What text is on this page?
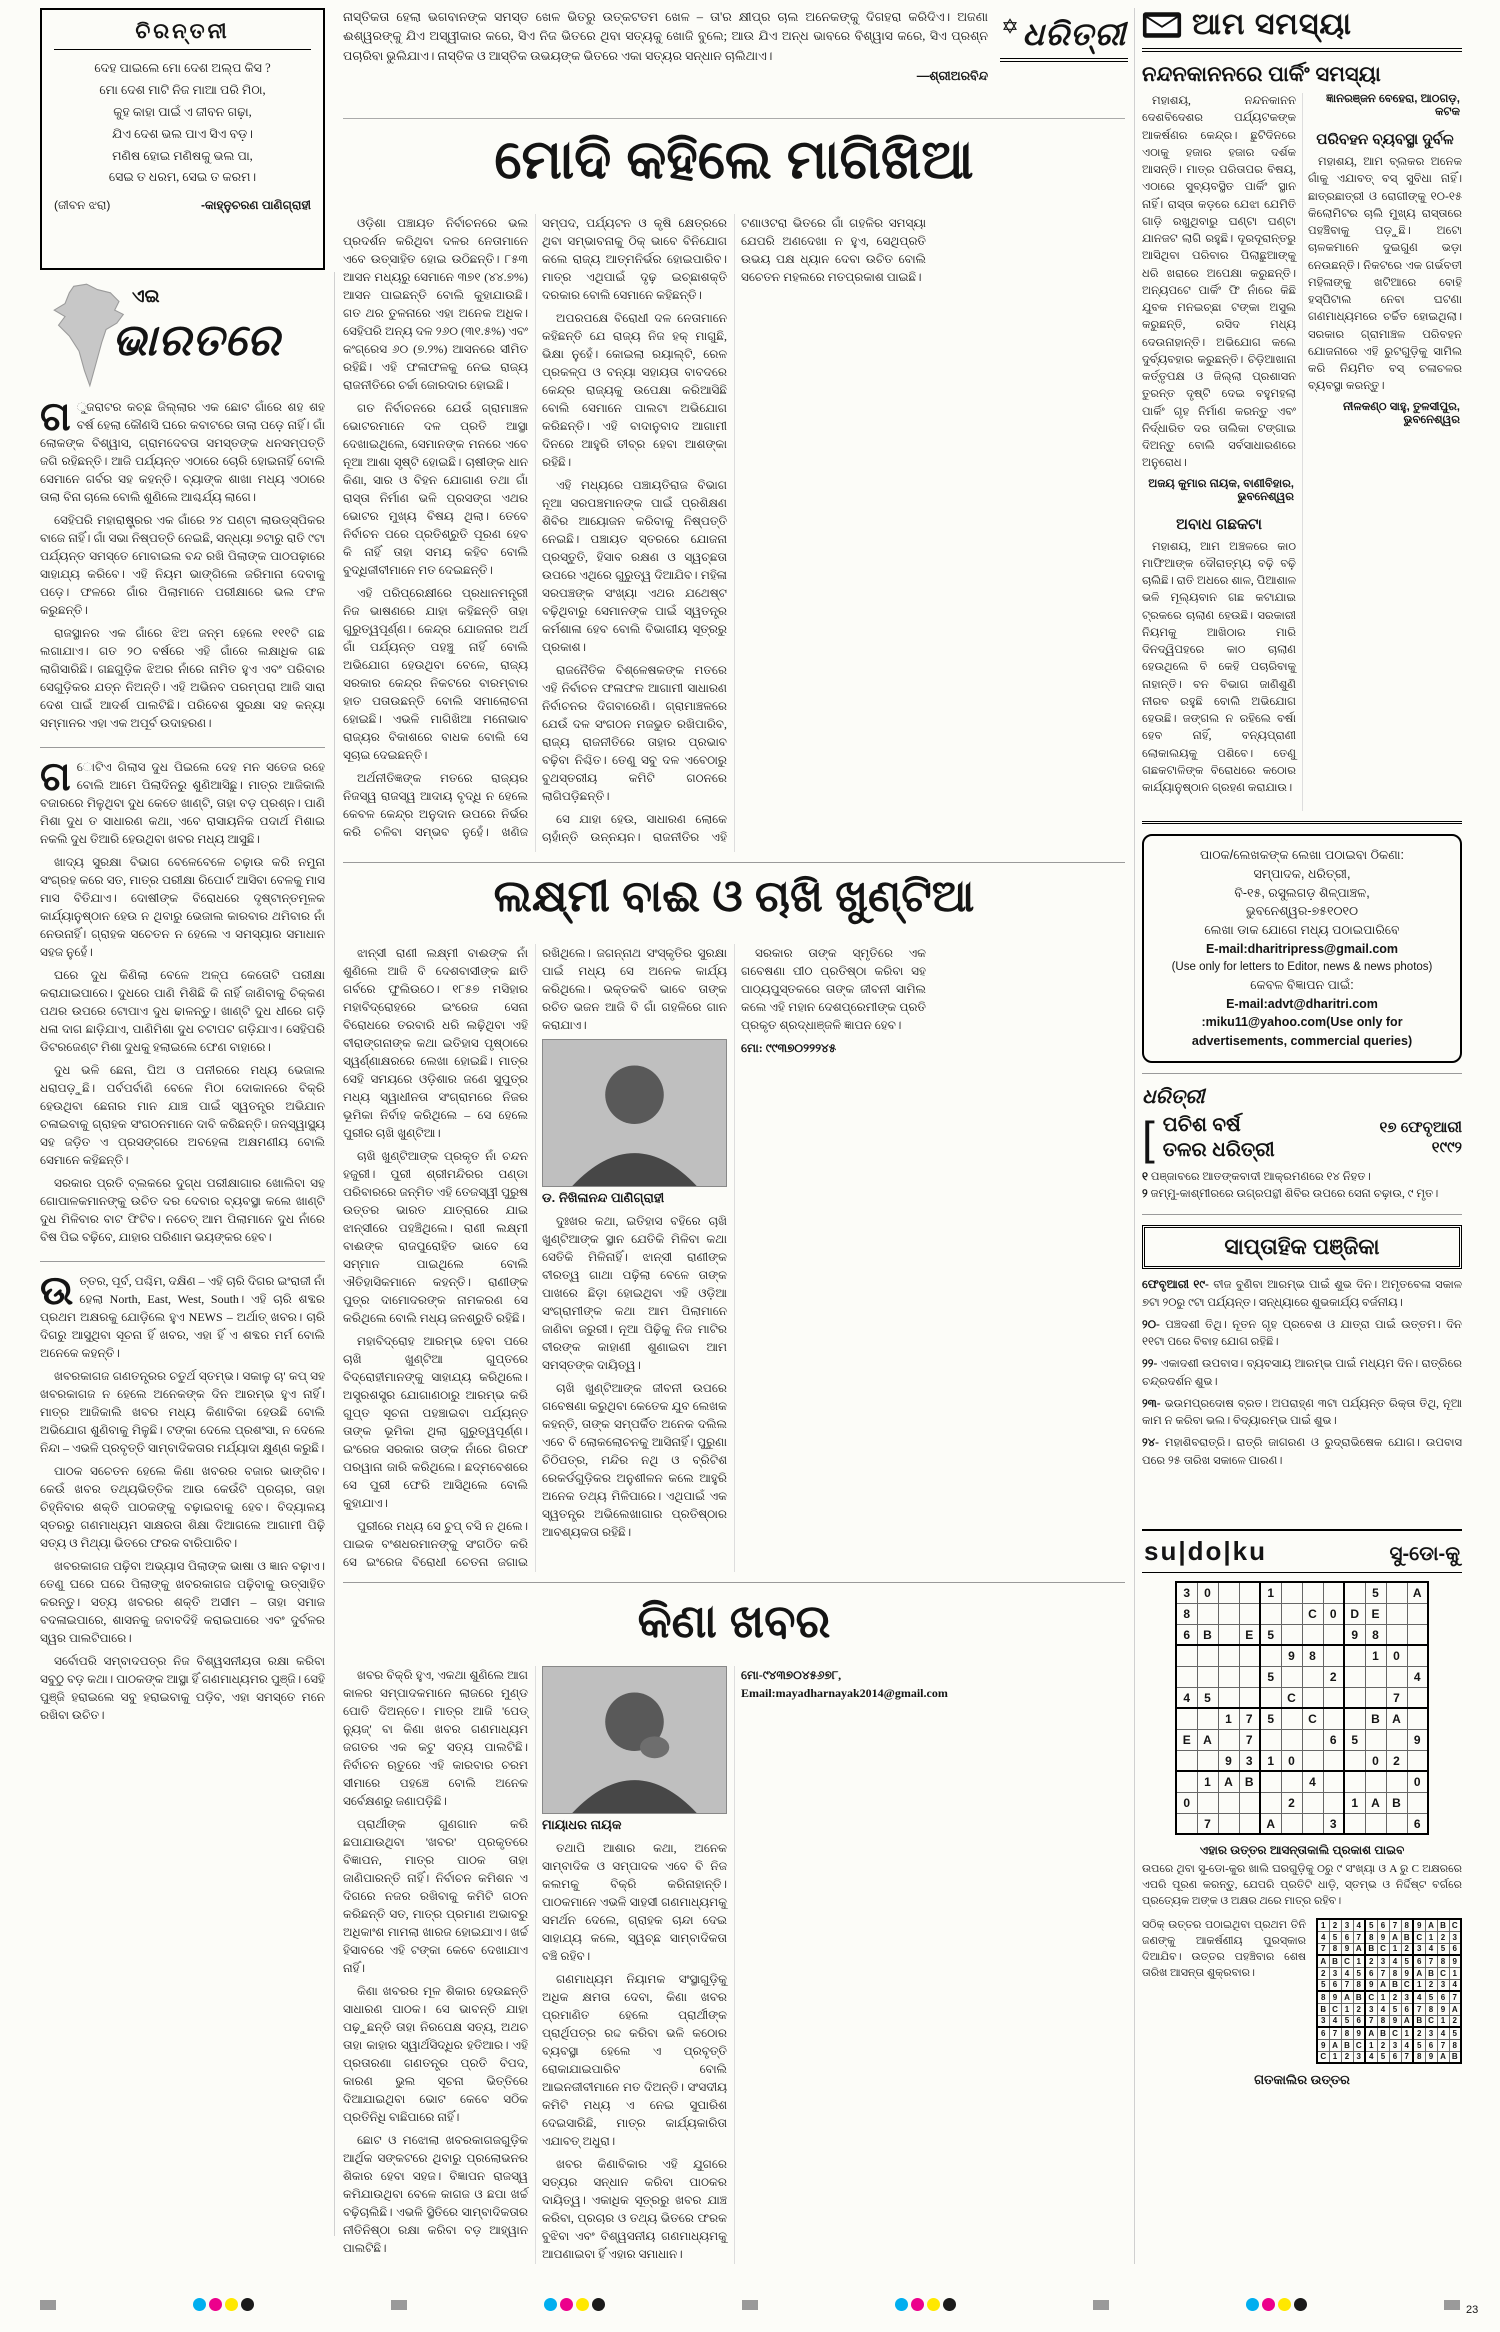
ଚିରନ୍ତନୀ
ଦେହ ପାଇଲେ ମୋ ଦେଶ ଅଲ୍ପ କିସ ?
ମୋ ଦେଶ ମାଟି ନିଜ ମାଆ ପରି ମିଠା,
କୁହ କାହା ପାଇଁ ଏ ଜୀବନ ଗଢ଼ା,
ଯିଏ ଦେଶ ଭଲ ପାଏ ସିଏ ବଡ଼।
ମଣିଷ ହୋଇ ମଣିଷକୁ ଭଲ ପା,
ସେଇ ତ ଧରମ, ସେଇ ତ କରମ।
(ଜୀବନ ଝରା)	-କାହ୍ନୁଚରଣ ପାଣିଗ୍ରାହୀ
ଏଇ
ଭାରତରେ

ଗ ୁଜରାଟର କଚ୍ଛ ଜିଲ୍ଲାର ଏକ ଛୋଟ ଗାଁରେ ଶହ ଶହ ବର୍ଷ ହେଲା କୌଣସି ଘରେ କବାଟରେ ତାଲା ପଡ଼େ ନାହିଁ। ଗାଁ ଲୋକଙ୍କ ବିଶ୍ୱାସ, ଗ୍ରାମଦେବତା ସମସ୍ତଙ୍କ ଧନସମ୍ପତ୍ତି ଜଗି ରହିଛନ୍ତି। ଆଜି ପର୍ଯ୍ୟନ୍ତ ଏଠାରେ ଚୋରି ହୋଇନାହିଁ ବୋଲି ସେମାନେ ଗର୍ବର ସହ କହନ୍ତି। ବ୍ୟାଙ୍କ ଶାଖା ମଧ୍ୟ ଏଠାରେ ତାଲା ବିନା ଚାଲେ ବୋଲି ଶୁଣିଲେ ଆଶ୍ଚର୍ଯ୍ୟ ଲାଗେ।

ସେହିପରି ମହାରାଷ୍ଟ୍ରର ଏକ ଗାଁରେ ୨୪ ଘଣ୍ଟା ଲାଉଡ୍‌ସ୍ପିକର ବାଜେ ନାହିଁ। ଗାଁ ସଭା ନିଷ୍ପତ୍ତି ନେଇଛି, ସନ୍ଧ୍ୟା ୭ଟାରୁ ରାତି ୯ଟା ପର୍ଯ୍ୟନ୍ତ ସମସ୍ତେ ମୋବାଇଲ ବନ୍ଦ ରଖି ପିଲାଙ୍କ ପାଠପଢ଼ାରେ ସାହାଯ୍ୟ କରିବେ। ଏହି ନିୟମ ଭାଙ୍ଗିଲେ ଜରିମାନା ଦେବାକୁ ପଡ଼େ। ଫଳରେ ଗାଁର ପିଲାମାନେ ପରୀକ୍ଷାରେ ଭଲ ଫଳ କରୁଛନ୍ତି।

ରାଜସ୍ଥାନର ଏକ ଗାଁରେ ଝିଅ ଜନ୍ମ ହେଲେ ୧୧୧ଟି ଗଛ ଲଗାଯାଏ। ଗତ ୨୦ ବର୍ଷରେ ଏହି ଗାଁରେ ଲକ୍ଷାଧିକ ଗଛ ଲାଗିସାରିଛି। ଗଛଗୁଡ଼ିକ ଝିଅର ନାଁରେ ନାମିତ ହୁଏ ଏବଂ ପରିବାର ସେଗୁଡ଼ିକର ଯତ୍ନ ନିଅନ୍ତି। ଏହି ଅଭିନବ ପରମ୍ପରା ଆଜି ସାରା ଦେଶ ପାଇଁ ଆଦର୍ଶ ପାଲଟିଛି। ପରିବେଶ ସୁରକ୍ଷା ସହ କନ୍ୟା ସମ୍ମାନର ଏହା ଏକ ଅପୂର୍ବ ଉଦାହରଣ।

ଗ ୋଟିଏ ଗିଲାସ ଦୁଧ ପିଇଲେ ଦେହ ମନ ସତେଜ ରହେ ବୋଲି ଆମେ ପିଲାଦିନରୁ ଶୁଣିଆସିଛୁ। ମାତ୍ର ଆଜିକାଲି ବଜାରରେ ମିଳୁଥିବା ଦୁଧ କେତେ ଖାଣ୍ଟି, ତାହା ବଡ଼ ପ୍ରଶ୍ନ। ପାଣି ମିଶା ଦୁଧ ତ ସାଧାରଣ କଥା, ଏବେ ରାସାୟନିକ ପଦାର୍ଥ ମିଶାଇ ନକଲି ଦୁଧ ତିଆରି ହେଉଥିବା ଖବର ମଧ୍ୟ ଆସୁଛି।

ଖାଦ୍ୟ ସୁରକ୍ଷା ବିଭାଗ ବେଳେବେଳେ ଚଢ଼ାଉ କରି ନମୁନା ସଂଗ୍ରହ କରେ ସତ, ମାତ୍ର ପରୀକ୍ଷା ରିପୋର୍ଟ ଆସିବା ବେଳକୁ ମାସ ମାସ ବିତିଯାଏ। ଦୋଷୀଙ୍କ ବିରୋଧରେ ଦୃଷ୍ଟାନ୍ତମୂଳକ କାର୍ଯ୍ୟାନୁଷ୍ଠାନ ହେଉ ନ ଥିବାରୁ ଭେଜାଲ କାରବାର ଥମିବାର ନାଁ ନେଉନାହିଁ। ଗ୍ରାହକ ସଚେତନ ନ ହେଲେ ଏ ସମସ୍ୟାର ସମାଧାନ ସହଜ ନୁହେଁ।

ଘରେ ଦୁଧ କିଣିଲା ବେଳେ ଅଳ୍ପ କେତୋଟି ପରୀକ୍ଷା କରାଯାଇପାରେ। ଦୁଧରେ ପାଣି ମିଶିଛି କି ନାହିଁ ଜାଣିବାକୁ ଚିକ୍କଣ ପଥର ଉପରେ ଟୋପାଏ ଦୁଧ ଢାଳନ୍ତୁ। ଖାଣ୍ଟି ଦୁଧ ଧୀରେ ଗଡ଼ି ଧଳା ଦାଗ ଛାଡ଼ିଯାଏ, ପାଣିମିଶା ଦୁଧ ଚଟାପଟ ଗଡ଼ିଯାଏ। ସେହିପରି ଡିଟରଜେଣ୍ଟ ମିଶା ଦୁଧକୁ ହଲାଇଲେ ଫେଣ ବାହାରେ।

ଦୁଧ ଭଳି ଛେନା, ଘିଅ ଓ ପନୀରରେ ମଧ୍ୟ ଭେଜାଲ ଧରାପଡ଼ୁଛି। ପର୍ବପର୍ବାଣି ବେଳେ ମିଠା ଦୋକାନରେ ବିକ୍ରି ହେଉଥିବା ଛେନାର ମାନ ଯାଞ୍ଚ ପାଇଁ ସ୍ୱତନ୍ତ୍ର ଅଭିଯାନ ଚଳାଇବାକୁ ଗ୍ରାହକ ସଂଗଠନମାନେ ଦାବି କରିଛନ୍ତି। ଜନସ୍ୱାସ୍ଥ୍ୟ ସହ ଜଡ଼ିତ ଏ ପ୍ରସଙ୍ଗରେ ଅବହେଳା ଅକ୍ଷମଣୀୟ ବୋଲି ସେମାନେ କହିଛନ୍ତି।

ସରକାର ପ୍ରତି ବ୍ଲକରେ ଦୁଗ୍ଧ ପରୀକ୍ଷାଗାର ଖୋଲିବା ସହ ଗୋପାଳକମାନଙ୍କୁ ଉଚିତ ଦର ଦେବାର ବ୍ୟବସ୍ଥା କଲେ ଖାଣ୍ଟି ଦୁଧ ମିଳିବାର ବାଟ ଫିଟିବ। ନଚେତ୍ ଆମ ପିଲାମାନେ ଦୁଧ ନାଁରେ ବିଷ ପିଇ ବଢ଼ିବେ, ଯାହାର ପରିଣାମ ଭୟଙ୍କର ହେବ।

ଉତ୍ତର, ପୂର୍ବ, ପଶ୍ଚିମ, ଦକ୍ଷିଣ – ଏହି ଚାରି ଦିଗର ଇଂରାଜୀ ନାଁ ହେଲା North, East, West, South। ଏହି ଚାରି ଶବ୍ଦର ପ୍ରଥମ ଅକ୍ଷରକୁ ଯୋଡ଼ିଲେ ହୁଏ NEWS – ଅର୍ଥାତ୍ ଖବର। ଚାରି ଦିଗରୁ ଆସୁଥିବା ସୂଚନା ହିଁ ଖବର, ଏହା ହିଁ ଏ ଶବ୍ଦର ମର୍ମ ବୋଲି ଅନେକେ କହନ୍ତି।

ଖବରକାଗଜ ଗଣତନ୍ତ୍ରର ଚତୁର୍ଥ ସ୍ତମ୍ଭ। ସକାଳୁ ଚା' କପ୍ ସହ ଖବରକାଗଜ ନ ହେଲେ ଅନେକଙ୍କ ଦିନ ଆରମ୍ଭ ହୁଏ ନାହିଁ। ମାତ୍ର ଆଜିକାଲି ଖବର ମଧ୍ୟ କିଣାବିକା ହେଉଛି ବୋଲି ଅଭିଯୋଗ ଶୁଣିବାକୁ ମିଳୁଛି। ଟଙ୍କା ଦେଲେ ପ୍ରଶଂସା, ନ ଦେଲେ ନିନ୍ଦା – ଏଭଳି ପ୍ରବୃତ୍ତି ସାମ୍ବାଦିକତାର ମର୍ଯ୍ୟାଦା କ୍ଷୁଣ୍ଣ କରୁଛି।

ପାଠକ ସଚେତନ ହେଲେ କିଣା ଖବରର ବଜାର ଭାଙ୍ଗିବ। କେଉଁ ଖବର ତଥ୍ୟଭିତ୍ତିକ ଆଉ କେଉଁଟି ପ୍ରଚାର, ତାହା ଚିହ୍ନିବାର ଶକ୍ତି ପାଠକଙ୍କୁ ବଢ଼ାଇବାକୁ ହେବ। ବିଦ୍ୟାଳୟ ସ୍ତରରୁ ଗଣମାଧ୍ୟମ ସାକ୍ଷରତା ଶିକ୍ଷା ଦିଆଗଲେ ଆଗାମୀ ପିଢ଼ି ସତ୍ୟ ଓ ମିଥ୍ୟା ଭିତରେ ଫରକ ବାରିପାରିବ।

ଖବରକାଗଜ ପଢ଼ିବା ଅଭ୍ୟାସ ପିଲାଙ୍କ ଭାଷା ଓ ଜ୍ଞାନ ବଢ଼ାଏ। ତେଣୁ ଘରେ ଘରେ ପିଲାଙ୍କୁ ଖବରକାଗଜ ପଢ଼ିବାକୁ ଉତ୍ସାହିତ କରନ୍ତୁ। ସତ୍ୟ ଖବରର ଶକ୍ତି ଅସୀମ – ତାହା ସମାଜ ବଦଳାଇପାରେ, ଶାସନକୁ ଜବାବଦିହି କରାଇପାରେ ଏବଂ ଦୁର୍ବଳର ସ୍ୱର ପାଲଟିପାରେ।

ସର୍ବୋପରି ସମ୍ବାଦପତ୍ର ନିଜ ବିଶ୍ୱସନୀୟତା ରକ୍ଷା କରିବା ସବୁଠୁ ବଡ଼ କଥା। ପାଠକଙ୍କ ଆସ୍ଥା ହିଁ ଗଣମାଧ୍ୟମର ପୁଞ୍ଜି। ସେହି ପୁଞ୍ଜି ହରାଇଲେ ସବୁ ହରାଇବାକୁ ପଡ଼ିବ, ଏହା ସମସ୍ତେ ମନେ ରଖିବା ଉଚିତ।

ନାସ୍ତିକତା ହେଲା ଭଗବାନଙ୍କ ସମସ୍ତ ଖେଳ ଭିତରୁ ଉତ୍କଟତମ ଖେଳ – ତା'ର କ୍ଷୀପ୍ର ଚାଲ ଅନେକଙ୍କୁ ଦିଗହରା କରିଦିଏ। ଅଜଣା ଈଶ୍ୱରଙ୍କୁ ଯିଏ ଅସ୍ୱୀକାର କରେ, ସିଏ ନିଜ ଭିତରେ ଥିବା ସତ୍ୟକୁ ଖୋଜି ବୁଲେ; ଆଉ ଯିଏ ଅନ୍ଧ ଭାବରେ ବିଶ୍ୱାସ କରେ, ସିଏ ପ୍ରଶ୍ନ ପଚାରିବା ଭୁଲିଯାଏ। ନାସ୍ତିକ ଓ ଆସ୍ତିକ ଉଭୟଙ୍କ ଭିତରେ ଏକା ସତ୍ୟର ସନ୍ଧାନ ଚାଲିଥାଏ।

—ଶ୍ରୀଅରବିନ୍ଦ
ଧରିତ୍ରୀ
ମୋଦି କହିଲେ ମାଗିଖିଆ

ଓଡ଼ିଶା ପଞ୍ଚାୟତ ନିର୍ବାଚନରେ ଭଲ ପ୍ରଦର୍ଶନ କରିଥିବା ଦଳର ନେତାମାନେ ଏବେ ଉତ୍ସାହିତ ହୋଇ ଉଠିଛନ୍ତି। ୮୫୩ ଆସନ ମଧ୍ୟରୁ ସେମାନେ ୩୭୧ (୪୪.୭%) ଆସନ ପାଇଛନ୍ତି ବୋଲି କୁହାଯାଉଛି। ଗତ ଥର ତୁଳନାରେ ଏହା ଅନେକ ଅଧିକ। ସେହିପରି ଅନ୍ୟ ଦଳ ୨୬୦ (୩୧.୫%) ଏବଂ କଂଗ୍ରେସ ୬୦ (୭.୨%) ଆସନରେ ସୀମିତ ରହିଛି। ଏହି ଫଳାଫଳକୁ ନେଇ ରାଜ୍ୟ ରାଜନୀତିରେ ଚର୍ଚ୍ଚା ଜୋରଦାର ହୋଇଛି।

ଗତ ନିର୍ବାଚନରେ ଯେଉଁ ଗ୍ରାମାଞ୍ଚଳ ଭୋଟରମାନେ ଦଳ ପ୍ରତି ଆସ୍ଥା ଦେଖାଇଥିଲେ, ସେମାନଙ୍କ ମନରେ ଏବେ ନୂଆ ଆଶା ସୃଷ୍ଟି ହୋଇଛି। ଚାଷୀଙ୍କ ଧାନ କିଣା, ସାର ଓ ବିହନ ଯୋଗାଣ ତଥା ଗାଁ ରାସ୍ତା ନିର୍ମାଣ ଭଳି ପ୍ରସଙ୍ଗ ଏଥର ଭୋଟର ମୁଖ୍ୟ ବିଷୟ ଥିଲା। ତେବେ ନିର୍ବାଚନ ପରେ ପ୍ରତିଶ୍ରୁତି ପୂରଣ ହେବ କି ନାହିଁ ତାହା ସମୟ କହିବ ବୋଲି ବୁଦ୍ଧିଜୀବୀମାନେ ମତ ଦେଇଛନ୍ତି।

ଏହି ପରିପ୍ରେକ୍ଷୀରେ ପ୍ରଧାନମନ୍ତ୍ରୀ ନିଜ ଭାଷଣରେ ଯାହା କହିଛନ୍ତି ତାହା ଗୁରୁତ୍ୱପୂର୍ଣ୍ଣ। କେନ୍ଦ୍ର ଯୋଜନାର ଅର୍ଥ ଗାଁ ପର୍ଯ୍ୟନ୍ତ ପହଞ୍ଚୁ ନାହିଁ ବୋଲି ଅଭିଯୋଗ ହେଉଥିବା ବେଳେ, ରାଜ୍ୟ ସରକାର କେନ୍ଦ୍ର ନିକଟରେ ବାରମ୍ବାର ହାତ ପତାଉଛନ୍ତି ବୋଲି ସମାଲୋଚନା ହୋଇଛି। ଏଭଳି ମାଗିଖିଆ ମନୋଭାବ ରାଜ୍ୟର ବିକାଶରେ ବାଧକ ବୋଲି ସେ ସୂଚାଇ ଦେଇଛନ୍ତି।

ଅର୍ଥନୀତିଜ୍ଞଙ୍କ ମତରେ ରାଜ୍ୟର ନିଜସ୍ୱ ରାଜସ୍ୱ ଆଦାୟ ବୃଦ୍ଧି ନ ହେଲେ କେବଳ କେନ୍ଦ୍ର ଅନୁଦାନ ଉପରେ ନିର୍ଭର କରି ଚଳିବା ସମ୍ଭବ ନୁହେଁ। ଖଣିଜ ସମ୍ପଦ, ପର୍ଯ୍ୟଟନ ଓ କୃଷି କ୍ଷେତ୍ରରେ ଥିବା ସମ୍ଭାବନାକୁ ଠିକ୍ ଭାବେ ବିନିଯୋଗ କଲେ ରାଜ୍ୟ ଆତ୍ମନିର୍ଭର ହୋଇପାରିବ। ମାତ୍ର ଏଥିପାଇଁ ଦୃଢ଼ ଇଚ୍ଛାଶକ୍ତି ଦରକାର ବୋଲି ସେମାନେ କହିଛନ୍ତି।

ଅପରପକ୍ଷେ ବିରୋଧୀ ଦଳ ନେତାମାନେ କହିଛନ୍ତି ଯେ ରାଜ୍ୟ ନିଜ ହକ୍ ମାଗୁଛି, ଭିକ୍ଷା ନୁହେଁ। କୋଇଲା ରୟାଲ୍ଟି, ରେଳ ପ୍ରକଳ୍ପ ଓ ବନ୍ୟା ସହାୟତା ବାବଦରେ କେନ୍ଦ୍ର ରାଜ୍ୟକୁ ଉପେକ୍ଷା କରିଆସିଛି ବୋଲି ସେମାନେ ପାଲଟା ଅଭିଯୋଗ କରିଛନ୍ତି। ଏହି ବାଦାନୁବାଦ ଆଗାମୀ ଦିନରେ ଆହୁରି ତୀବ୍ର ହେବା ଆଶଙ୍କା ରହିଛି।

ଏହି ମଧ୍ୟରେ ପଞ୍ଚାୟତିରାଜ ବିଭାଗ ନୂଆ ସରପଞ୍ଚମାନଙ୍କ ପାଇଁ ପ୍ରଶିକ୍ଷଣ ଶିବିର ଆୟୋଜନ କରିବାକୁ ନିଷ୍ପତ୍ତି ନେଇଛି। ପଞ୍ଚାୟତ ସ୍ତରରେ ଯୋଜନା ପ୍ରସ୍ତୁତି, ହିସାବ ରକ୍ଷଣ ଓ ସ୍ୱଚ୍ଛତା ଉପରେ ଏଥିରେ ଗୁରୁତ୍ୱ ଦିଆଯିବ। ମହିଳା ସରପଞ୍ଚଙ୍କ ସଂଖ୍ୟା ଏଥର ଯଥେଷ୍ଟ ବଢ଼ିଥିବାରୁ ସେମାନଙ୍କ ପାଇଁ ସ୍ୱତନ୍ତ୍ର କର୍ମଶାଳା ହେବ ବୋଲି ବିଭାଗୀୟ ସୂତ୍ରରୁ ପ୍ରକାଶ।

ରାଜନୈତିକ ବିଶ୍ଳେଷକଙ୍କ ମତରେ ଏହି ନିର୍ବାଚନ ଫଳାଫଳ ଆଗାମୀ ସାଧାରଣ ନିର୍ବାଚନର ଦିଗବାରେଣି। ଗ୍ରାମାଞ୍ଚଳରେ ଯେଉଁ ଦଳ ସଂଗଠନ ମଜଭୁତ ରଖିପାରିବ, ରାଜ୍ୟ ରାଜନୀତିରେ ତାହାର ପ୍ରଭାବ ବଢ଼ିବା ନିଶ୍ଚିତ। ତେଣୁ ସବୁ ଦଳ ଏବେଠାରୁ ବୁଥସ୍ତରୀୟ କମିଟି ଗଠନରେ ଲାଗିପଡ଼ିଛନ୍ତି।

ସେ ଯାହା ହେଉ, ସାଧାରଣ ଲୋକେ ଚାହାଁନ୍ତି ଉନ୍ନୟନ। ରାଜନୀତିର ଏହି ଟଣାଓଟରା ଭିତରେ ଗାଁ ଗହଳିର ସମସ୍ୟା ଯେପରି ଅଣଦେଖା ନ ହୁଏ, ସେଥିପ୍ରତି ଉଭୟ ପକ୍ଷ ଧ୍ୟାନ ଦେବା ଉଚିତ ବୋଲି ସଚେତନ ମହଲରେ ମତପ୍ରକାଶ ପାଇଛି।

ଲକ୍ଷ୍ମୀ ବାଈ ଓ ଚାଖି ଖୁଣ୍ଟିଆ

ଝାନ୍ସୀ ରାଣୀ ଲକ୍ଷ୍ମୀ ବାଈଙ୍କ ନାଁ ଶୁଣିଲେ ଆଜି ବି ଦେଶବାସୀଙ୍କ ଛାତି ଗର୍ବରେ ଫୁଲିଉଠେ। ୧୮୫୭ ମସିହାର ମହାବିଦ୍ରୋହରେ ଇଂରେଜ ସେନା ବିରୋଧରେ ତରବାରି ଧରି ଲଢ଼ିଥିବା ଏହି ବୀରାଙ୍ଗନାଙ୍କ କଥା ଇତିହାସ ପୃଷ୍ଠାରେ ସ୍ୱର୍ଣ୍ଣାକ୍ଷରରେ ଲେଖା ହୋଇଛି। ମାତ୍ର ସେହି ସମୟରେ ଓଡ଼ିଶାର ଜଣେ ସୁପୁତ୍ର ମଧ୍ୟ ସ୍ୱାଧୀନତା ସଂଗ୍ରାମରେ ନିଜର ଭୂମିକା ନିର୍ବାହ କରିଥିଲେ – ସେ ହେଲେ ପୁରୀର ଚାଖି ଖୁଣ୍ଟିଆ।

ଚାଖି ଖୁଣ୍ଟିଆଙ୍କ ପ୍ରକୃତ ନାଁ ଚନ୍ଦନ ହଜୁରୀ। ପୁରୀ ଶ୍ରୀମନ୍ଦିରର ପଣ୍ଡା ପରିବାରରେ ଜନ୍ମିତ ଏହି ତେଜସ୍ୱୀ ପୁରୁଷ ଉତ୍ତର ଭାରତ ଯାତ୍ରାରେ ଯାଇ ଝାନ୍ସୀରେ ପହଞ୍ଚିଥିଲେ। ରାଣୀ ଲକ୍ଷ୍ମୀ ବାଈଙ୍କ ରାଜପୁରୋହିତ ଭାବେ ସେ ସମ୍ମାନ ପାଇଥିଲେ ବୋଲି ଐତିହାସିକମାନେ କହନ୍ତି। ରାଣୀଙ୍କ ପୁତ୍ର ଦାମୋଦରଙ୍କ ନାମକରଣ ସେ କରିଥିଲେ ବୋଲି ମଧ୍ୟ ଜନଶ୍ରୁତି ରହିଛି।

ମହାବିଦ୍ରୋହ ଆରମ୍ଭ ହେବା ପରେ ଚାଖି ଖୁଣ୍ଟିଆ ଗୁପ୍ତରେ ବିଦ୍ରୋହୀମାନଙ୍କୁ ସାହାଯ୍ୟ କରିଥିଲେ। ଅସ୍ତ୍ରଶସ୍ତ୍ର ଯୋଗାଣଠାରୁ ଆରମ୍ଭ କରି ଗୁପ୍ତ ସୂଚନା ପହଞ୍ଚାଇବା ପର୍ଯ୍ୟନ୍ତ ତାଙ୍କ ଭୂମିକା ଥିଲା ଗୁରୁତ୍ୱପୂର୍ଣ୍ଣ। ଇଂରେଜ ସରକାର ତାଙ୍କ ନାଁରେ ଗିରଫ ପରୱାନା ଜାରି କରିଥିଲେ। ଛଦ୍ମବେଶରେ ସେ ପୁରୀ ଫେରି ଆସିଥିଲେ ବୋଲି କୁହାଯାଏ।

ପୁରୀରେ ମଧ୍ୟ ସେ ଚୁପ୍ ବସି ନ ଥିଲେ। ପାଇକ ବଂଶଧରମାନଙ୍କୁ ସଂଗଠିତ କରି ସେ ଇଂରେଜ ବିରୋଧୀ ଚେତନା ଜଗାଇ ରଖିଥିଲେ। ଜଗନ୍ନାଥ ସଂସ୍କୃତିର ସୁରକ୍ଷା ପାଇଁ ମଧ୍ୟ ସେ ଅନେକ କାର୍ଯ୍ୟ କରିଥିଲେ। ଭକ୍ତକବି ଭାବେ ତାଙ୍କ ରଚିତ ଭଜନ ଆଜି ବି ଗାଁ ଗହଳିରେ ଗାନ କରାଯାଏ।

ଡ. ନିଖିଳାନନ୍ଦ ପାଣିଗ୍ରାହୀ

ଦୁଃଖର କଥା, ଇତିହାସ ବହିରେ ଚାଖି ଖୁଣ୍ଟିଆଙ୍କ ସ୍ଥାନ ଯେତିକି ମିଳିବା କଥା ସେତିକି ମିଳିନାହିଁ। ଝାନ୍ସୀ ରାଣୀଙ୍କ ବୀରତ୍ୱ ଗାଥା ପଢ଼ିଲା ବେଳେ ତାଙ୍କ ପାଖରେ ଛିଡ଼ା ହୋଇଥିବା ଏହି ଓଡ଼ିଆ ସଂଗ୍ରାମୀଙ୍କ କଥା ଆମ ପିଲାମାନେ ଜାଣିବା ଜରୁରୀ। ନୂଆ ପିଢ଼ିକୁ ନିଜ ମାଟିର ବୀରଙ୍କ କାହାଣୀ ଶୁଣାଇବା ଆମ ସମସ୍ତଙ୍କ ଦାୟିତ୍ୱ।

ଚାଖି ଖୁଣ୍ଟିଆଙ୍କ ଜୀବନୀ ଉପରେ ଗବେଷଣା କରୁଥିବା କେତେକ ଯୁବ ଲେଖକ କହନ୍ତି, ତାଙ୍କ ସମ୍ପର୍କିତ ଅନେକ ଦଲିଲ ଏବେ ବି ଲୋକଲୋଚନକୁ ଆସିନାହିଁ। ପୁରୁଣା ଚିଠିପତ୍ର, ମନ୍ଦିର ନଥି ଓ ବ୍ରିଟିଶ ରେକର୍ଡଗୁଡ଼ିକର ଅନୁଶୀଳନ କଲେ ଆହୁରି ଅନେକ ତଥ୍ୟ ମିଳିପାରେ। ଏଥିପାଇଁ ଏକ ସ୍ୱତନ୍ତ୍ର ଅଭିଲେଖାଗାର ପ୍ରତିଷ୍ଠାର ଆବଶ୍ୟକତା ରହିଛି।

ସରକାର ତାଙ୍କ ସ୍ମୃତିରେ ଏକ ଗବେଷଣା ପୀଠ ପ୍ରତିଷ୍ଠା କରିବା ସହ ପାଠ୍ୟପୁସ୍ତକରେ ତାଙ୍କ ଜୀବନୀ ସାମିଲ କଲେ ଏହି ମହାନ ଦେଶପ୍ରେମୀଙ୍କ ପ୍ରତି ପ୍ରକୃତ ଶ୍ରଦ୍ଧାଞ୍ଜଳି ଜ୍ଞାପନ ହେବ।

ମୋ: ୯୯୩୭୦୨୨୨୪୫

କିଣା ଖବର

ଖବର ବିକ୍ରି ହୁଏ, ଏକଥା ଶୁଣିଲେ ଆଗ କାଳର ସମ୍ପାଦକମାନେ ଲାଜରେ ମୁଣ୍ଡ ପୋତି ଦିଅନ୍ତେ। ମାତ୍ର ଆଜି 'ପେଡ୍ ନ୍ୟୁଜ୍' ବା କିଣା ଖବର ଗଣମାଧ୍ୟମ ଜଗତର ଏକ କଟୁ ସତ୍ୟ ପାଲଟିଛି। ନିର୍ବାଚନ ଋତୁରେ ଏହି କାରବାର ଚରମ ସୀମାରେ ପହଞ୍ଚେ ବୋଲି ଅନେକ ସର୍ବେକ୍ଷଣରୁ ଜଣାପଡ଼ିଛି।

ପ୍ରାର୍ଥୀଙ୍କ ଗୁଣଗାନ କରି ଛପାଯାଉଥିବା 'ଖବର' ପ୍ରକୃତରେ ବିଜ୍ଞାପନ, ମାତ୍ର ପାଠକ ତାହା ଜାଣିପାରନ୍ତି ନାହିଁ। ନିର୍ବାଚନ କମିଶନ ଏ ଦିଗରେ ନଜର ରଖିବାକୁ କମିଟି ଗଠନ କରିଛନ୍ତି ସତ, ମାତ୍ର ପ୍ରମାଣ ଅଭାବରୁ ଅଧିକାଂଶ ମାମଲା ଖାରଜ ହୋଇଯାଏ। ଖର୍ଚ୍ଚ ହିସାବରେ ଏହି ଟଙ୍କା କେବେ ଦେଖାଯାଏ ନାହିଁ।

କିଣା ଖବରର ମୂଳ ଶିକାର ହେଉଛନ୍ତି ସାଧାରଣ ପାଠକ। ସେ ଭାବନ୍ତି ଯାହା ପଢ଼ୁଛନ୍ତି ତାହା ନିରପେକ୍ଷ ସତ୍ୟ, ଅଥଚ ତାହା କାହାର ସ୍ୱାର୍ଥସିଦ୍ଧିର ହତିଆର। ଏହି ପ୍ରତାରଣା ଗଣତନ୍ତ୍ର ପ୍ରତି ବିପଦ, କାରଣ ଭୁଲ ସୂଚନା ଭିତ୍ତିରେ ଦିଆଯାଇଥିବା ଭୋଟ କେବେ ସଠିକ ପ୍ରତିନିଧି ବାଛିପାରେ ନାହିଁ।

ଛୋଟ ଓ ମଝୋଲା ଖବରକାଗଜଗୁଡ଼ିକ ଆର୍ଥିକ ସଙ୍କଟରେ ଥିବାରୁ ପ୍ରଲୋଭନର ଶିକାର ହେବା ସହଜ। ବିଜ୍ଞାପନ ରାଜସ୍ୱ କମିଯାଉଥିବା ବେଳେ କାଗଜ ଓ ଛପା ଖର୍ଚ୍ଚ ବଢ଼ିଚାଲିଛି। ଏଭଳି ସ୍ଥିତିରେ ସାମ୍ବାଦିକତାର ନୀତିନିଷ୍ଠା ରକ୍ଷା କରିବା ବଡ଼ ଆହ୍ୱାନ ପାଲଟିଛି।

ମାୟାଧର ନାୟକ

ତଥାପି ଆଶାର କଥା, ଅନେକ ସାମ୍ବାଦିକ ଓ ସମ୍ପାଦକ ଏବେ ବି ନିଜ କଲମକୁ ବିକ୍ରି କରିନାହାନ୍ତି। ପାଠକମାନେ ଏଭଳି ସାହସୀ ଗଣମାଧ୍ୟମକୁ ସମର୍ଥନ ଦେଲେ, ଗ୍ରାହକ ଚାନ୍ଦା ଦେଇ ସାହାଯ୍ୟ କଲେ, ସ୍ୱଚ୍ଛ ସାମ୍ବାଦିକତା ବଞ୍ଚି ରହିବ।

ଗଣମାଧ୍ୟମ ନିୟାମକ ସଂସ୍ଥାଗୁଡ଼ିକୁ ଅଧିକ କ୍ଷମତା ଦେବା, କିଣା ଖବର ପ୍ରମାଣିତ ହେଲେ ପ୍ରାର୍ଥୀଙ୍କ ପ୍ରାର୍ଥିପତ୍ର ରଦ୍ଦ କରିବା ଭଳି କଠୋର ବ୍ୟବସ୍ଥା ହେଲେ ଏ ପ୍ରବୃତ୍ତି ରୋକାଯାଇପାରିବ ବୋଲି ଆଇନଜୀବୀମାନେ ମତ ଦିଅନ୍ତି। ସଂସଦୀୟ କମିଟି ମଧ୍ୟ ଏ ନେଇ ସୁପାରିଶ ଦେଇସାରିଛି, ମାତ୍ର କାର୍ଯ୍ୟକାରିତା ଏଯାବତ୍ ଅଧୁରା।

ଖବର କିଣାବିକାର ଏହି ଯୁଗରେ ସତ୍ୟର ସନ୍ଧାନ କରିବା ପାଠକର ଦାୟିତ୍ୱ। ଏକାଧିକ ସୂତ୍ରରୁ ଖବର ଯାଞ୍ଚ କରିବା, ପ୍ରଚାର ଓ ତଥ୍ୟ ଭିତରେ ଫରକ ବୁଝିବା ଏବଂ ବିଶ୍ୱସନୀୟ ଗଣମାଧ୍ୟମକୁ ଆପଣାଇବା ହିଁ ଏହାର ସମାଧାନ।

ମୋ-୯୪୩୭୦୪୫୬୭୮, Email:mayadharnayak2014@gmail.com

ଆମ ସମସ୍ୟା
ନନ୍ଦନକାନନରେ ପାର୍କିଂ ସମସ୍ୟା

ମହାଶୟ, ନନ୍ଦନକାନନ ଦେଶବିଦେଶର ପର୍ଯ୍ୟଟକଙ୍କ ଆକର୍ଷଣର କେନ୍ଦ୍ର। ଛୁଟିଦିନରେ ଏଠାକୁ ହଜାର ହଜାର ଦର୍ଶକ ଆସନ୍ତି। ମାତ୍ର ପରିତାପର ବିଷୟ, ଏଠାରେ ସୁବ୍ୟବସ୍ଥିତ ପାର୍କିଂ ସ୍ଥାନ ନାହିଁ। ରାସ୍ତା କଡ଼ରେ ଯେଝା ଯେମିତି ଗାଡ଼ି ରଖୁଥିବାରୁ ଘଣ୍ଟା ଘଣ୍ଟା ଯାନଜଟ ଲାଗି ରହୁଛି। ଦୂରଦୂରାନ୍ତରୁ ଆସିଥିବା ପରିବାର ପିଲାଛୁଆଙ୍କୁ ଧରି ଖରାରେ ଅପେକ୍ଷା କରୁଛନ୍ତି। ଅନ୍ୟପଟେ ପାର୍କିଂ ଫି ନାଁରେ କିଛି ଯୁବକ ମନଇଚ୍ଛା ଟଙ୍କା ଅସୁଲ କରୁଛନ୍ତି, ରସିଦ ମଧ୍ୟ ଦେଉନାହାନ୍ତି। ଅଭିଯୋଗ କଲେ ଦୁର୍ବ୍ୟବହାର କରୁଛନ୍ତି। ଚିଡ଼ିଆଖାନା କର୍ତ୍ତୃପକ୍ଷ ଓ ଜିଲ୍ଲା ପ୍ରଶାସନ ତୁରନ୍ତ ଦୃଷ୍ଟି ଦେଇ ବହୁମହଲା ପାର୍କିଂ ଗୃହ ନିର୍ମାଣ କରନ୍ତୁ ଏବଂ ନିର୍ଦ୍ଧାରିତ ଦର ତାଲିକା ଟଙ୍ଗାଇ ଦିଅନ୍ତୁ ବୋଲି ସର୍ବସାଧାରଣରେ ଅନୁରୋଧ।

ଅଜୟ କୁମାର ନାୟକ, ବାଣୀବିହାର, ଭୁବନେଶ୍ୱର
ଅବାଧ ଗଛକଟା

ମହାଶୟ, ଆମ ଅଞ୍ଚଳରେ କାଠ ମାଫିଆଙ୍କ ଦୌରାତ୍ମ୍ୟ ବଢ଼ି ବଢ଼ି ଚାଲିଛି। ରାତି ଅଧରେ ଶାଳ, ପିଆଶାଳ ଭଳି ମୂଲ୍ୟବାନ ଗଛ କଟାଯାଇ ଟ୍ରକରେ ଚାଲାଣ ହେଉଛି। ସରକାରୀ ନିୟମକୁ ଆଖିଠାର ମାରି ଦିନଦ୍ୱିପହରେ କାଠ ଚାଲାଣ ହେଉଥିଲେ ବି କେହି ପଚାରିବାକୁ ନାହାନ୍ତି। ବନ ବିଭାଗ ଜାଣିଶୁଣି ନୀରବ ରହୁଛି ବୋଲି ଅଭିଯୋଗ ହେଉଛି। ଜଙ୍ଗଲ ନ ରହିଲେ ବର୍ଷା ହେବ ନାହିଁ, ବନ୍ୟପ୍ରାଣୀ ଲୋକାଲୟକୁ ପଶିବେ। ତେଣୁ ଗଛକଟାଳିଙ୍କ ବିରୋଧରେ କଠୋର କାର୍ଯ୍ୟାନୁଷ୍ଠାନ ଗ୍ରହଣ କରାଯାଉ।

ଜ୍ଞାନରଞ୍ଜନ ବେହେରା, ଆଠଗଡ଼, କଟକ
ପରିବହନ ବ୍ୟବସ୍ଥା ଦୁର୍ବଳ

ମହାଶୟ, ଆମ ବ୍ଲକର ଅନେକ ଗାଁକୁ ଏଯାବତ୍ ବସ୍ ସୁବିଧା ନାହିଁ। ଛାତ୍ରଛାତ୍ରୀ ଓ ରୋଗୀଙ୍କୁ ୧୦-୧୫ କିଲୋମିଟର ଚାଲି ମୁଖ୍ୟ ରାସ୍ତାରେ ପହଞ୍ଚିବାକୁ ପଡ଼ୁଛି। ଅଟୋ ଚାଳକମାନେ ଦୁଇଗୁଣ ଭଡ଼ା ନେଉଛନ୍ତି। ନିକଟରେ ଏକ ଗର୍ଭବତୀ ମହିଳାଙ୍କୁ ଖଟିଆରେ ବୋହି ହସ୍ପିଟାଲ ନେବା ଘଟଣା ଗଣମାଧ୍ୟମରେ ଚର୍ଚ୍ଚିତ ହୋଇଥିଲା। ସରକାର ଗ୍ରାମାଞ୍ଚଳ ପରିବହନ ଯୋଜନାରେ ଏହି ରୁଟଗୁଡ଼ିକୁ ସାମିଲ କରି ନିୟମିତ ବସ୍ ଚଳାଚଳର ବ୍ୟବସ୍ଥା କରନ୍ତୁ।

ନୀଳକଣ୍ଠ ସାହୁ, ତୁଳସୀପୁର, ଭୁବନେଶ୍ୱର
ପାଠକ/ଲେଖକଙ୍କ ଲେଖା ପଠାଇବା ଠିକଣା:
ସମ୍ପାଦକ, ଧରିତ୍ରୀ,
ବି-୧୫, ରସୁଲଗଡ଼ ଶିଳ୍ପାଞ୍ଚଳ,
ଭୁବନେଶ୍ୱର-୭୫୧୦୧୦
ଲେଖା ଡାକ ଯୋଗେ ମଧ୍ୟ ପଠାଇପାରିବେ
E-mail:dharitripress@gmail.com
(Use only for letters to Editor, news & news photos)
କେବଳ ବିଜ୍ଞାପନ ପାଇଁ:
E-mail:advt@dharitri.com
:miku11@yahoo.com(Use only for advertisements, commercial queries)
ଧରିତ୍ରୀ
[ ପଚିଶ ବର୍ଷ
ତଳର ଧରିତ୍ରୀ
୧୭ ଫେବୃଆରୀ
୧୯୯୨

୧ ପଞ୍ଜାବରେ ଆତଙ୍କବାଦୀ ଆକ୍ରମଣରେ ୧୪ ନିହତ।

୨ ଜମ୍ମୁ-କାଶ୍ମୀରରେ ଉଗ୍ରପନ୍ଥୀ ଶିବିର ଉପରେ ସେନା ଚଢ଼ାଉ, ୯ ମୃତ।

ସାପ୍ତାହିକ ପଞ୍ଜିକା

ଫେବୃଆରୀ ୧୯- ବୀଜ ବୁଣିବା ଆରମ୍ଭ ପାଇଁ ଶୁଭ ଦିନ। ଅମୃତବେଳା ସକାଳ ୭ଟା ୨୦ରୁ ୯ଟା ପର୍ଯ୍ୟନ୍ତ। ସନ୍ଧ୍ୟାରେ ଶୁଭକାର୍ଯ୍ୟ ବର୍ଜନୀୟ।

୨୦- ପଞ୍ଚଦଶୀ ତିଥି। ନୂତନ ଗୃହ ପ୍ରବେଶ ଓ ଯାତ୍ରା ପାଇଁ ଉତ୍ତମ। ଦିନ ୧୧ଟା ପରେ ବିବାହ ଯୋଗ ରହିଛି।

୨୨- ଏକାଦଶୀ ଉପବାସ। ବ୍ୟବସାୟ ଆରମ୍ଭ ପାଇଁ ମଧ୍ୟମ ଦିନ। ରାତ୍ରିରେ ଚନ୍ଦ୍ରଦର୍ଶନ ଶୁଭ।

୨୩- ଭଉମପ୍ରଦୋଷ ବ୍ରତ। ଅପରାହ୍ଣ ୩ଟା ପର୍ଯ୍ୟନ୍ତ ରିକ୍ତା ତିଥି, ନୂଆ କାମ ନ କରିବା ଭଲ। ବିଦ୍ୟାରମ୍ଭ ପାଇଁ ଶୁଭ।

୨୪- ମହାଶିବରାତ୍ରି। ରାତ୍ରି ଜାଗରଣ ଓ ରୁଦ୍ରାଭିଷେକ ଯୋଗ। ଉପବାସ ପରେ ୨୫ ତାରିଖ ସକାଳେ ପାରଣ।

su|do|ku	ସୁ-ଡୋ-କୁ
3	0			1					5		A
8						C	0	D	E		
6	B		E	5				9	8		
					9	8			1	0	
				5			2				4
4	5				C					7	
		1	7	5		C			B	A	
E	A		7				6	5			9
		9	3	1	0				0	2	
	1	A	B			4					0
0					2			1	A	B	
	7			A			3				6
ଏହାର ଉତ୍ତର ଆସନ୍ତାକାଲି ପ୍ରକାଶ ପାଇବ
ଉପରେ ଥିବା ସୁ-ଡୋ-କୁର ଖାଲି ଘରଗୁଡ଼ିକୁ ୦ରୁ ୯ ସଂଖ୍ୟା ଓ A ରୁ C ଅକ୍ଷରରେ ଏପରି ପୂରଣ କରନ୍ତୁ, ଯେପରି ପ୍ରତିଟି ଧାଡ଼ି, ସ୍ତମ୍ଭ ଓ ନିର୍ଦ୍ଦିଷ୍ଟ ବର୍ଗରେ ପ୍ରତ୍ୟେକ ଅଙ୍କ ଓ ଅକ୍ଷର ଥରେ ମାତ୍ର ରହିବ।
ସଠିକ୍ ଉତ୍ତର ପଠାଇଥିବା ପ୍ରଥମ ତିନି ଜଣଙ୍କୁ ଆକର୍ଷଣୀୟ ପୁରସ୍କାର ଦିଆଯିବ। ଉତ୍ତର ପହଞ୍ଚିବାର ଶେଷ ତାରିଖ ଆସନ୍ତା ଶୁକ୍ରବାର।
1	2	3	4	5	6	7	8	9	A	B	C
4	5	6	7	8	9	A	B	C	1	2	3
7	8	9	A	B	C	1	2	3	4	5	6
A	B	C	1	2	3	4	5	6	7	8	9
2	3	4	5	6	7	8	9	A	B	C	1
5	6	7	8	9	A	B	C	1	2	3	4
8	9	A	B	C	1	2	3	4	5	6	7
B	C	1	2	3	4	5	6	7	8	9	A
3	4	5	6	7	8	9	A	B	C	1	2
6	7	8	9	A	B	C	1	2	3	4	5
9	A	B	C	1	2	3	4	5	6	7	8
C	1	2	3	4	5	6	7	8	9	A	B
ଗତକାଲିର ଉତ୍ତର
23
